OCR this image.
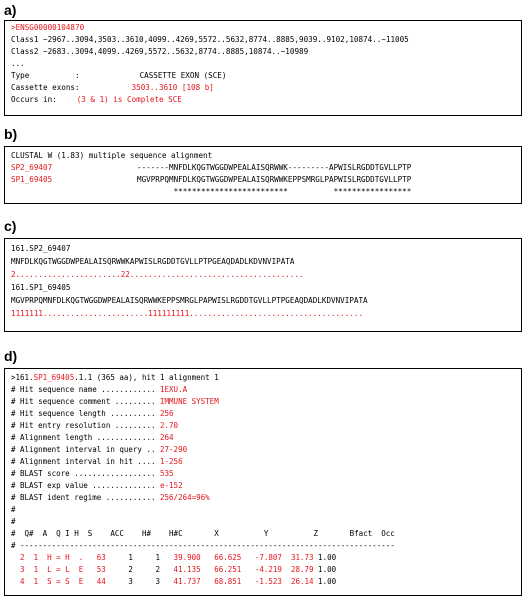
a)
>ENSG00000104870
Class1 ~2967..3094,3503..3610,4099..4269,5572..5632,8774..8885,9039..9102,10874..~11005
Class2 ~2683..3094,4099..4269,5572..5632,8774..8885,10874..~10989
...
Type          :	CASSETTE EXON (SCE)
Cassette exons:	3503..3610 [108 b]
Occurs in:	(3 & 1) is Complete SCE
b)
CLUSTAL W (1.83) multiple sequence alignment
SP2_69407	-------MNFDLKQGTWGGDWPEALAISQRWWK---------APWISLRGDDTGVLLPTP
SP1_69405	MGVPRPQMNFDLKQGTWGGDWPEALAISQRWWKEPPSMRGLPAPWISLRGDDTGVLLPTP
*************************          *****************
c)
161.SP2_69407
MNFDLKQGTWGGDWPEALAISQRWWKAPWISLRGDDTGVLLPTPGEAQDADLKDVNVIPATA
2.......................22......................................
161.SP1_69405
MGVPRPQMNFDLKQGTWGGDWPEALAISQRWWKEPPSMRGLPAPWISLRGDDTGVLLPTPGEAQDADLKDVNVIPATA
1111111.......................111111111......................................
d)
>161.SP1_69405.1.1 (365 aa), hit 1 alignment 1
# Hit sequence name ............ 1EXU.A
# Hit sequence comment ......... IMMUNE SYSTEM
# Hit sequence length .......... 256
# Hit entry resolution ......... 2.70
# Alignment length ............. 264
# Alignment interval in query .. 27-290
# Alignment interval in hit .... 1-256
# BLAST score .................. 535
# BLAST exp value .............. e-152
# BLAST ident regime ........... 256/264=96%
#
#
#  Q#  A  Q I H  S    ACC    H#    H#C       X          Y          Z       Bfact  Occ
# -----------------------------------------------------------------------------------
2  1  H = H  .   63     1     1   39.900   66.625   -7.807  31.73 1.00
3  1  L = L  E   53     2     2   41.135   66.251   -4.219  28.79 1.00
4  1  S = S  E   44     3     3   41.737   68.851   -1.523  26.14 1.00
